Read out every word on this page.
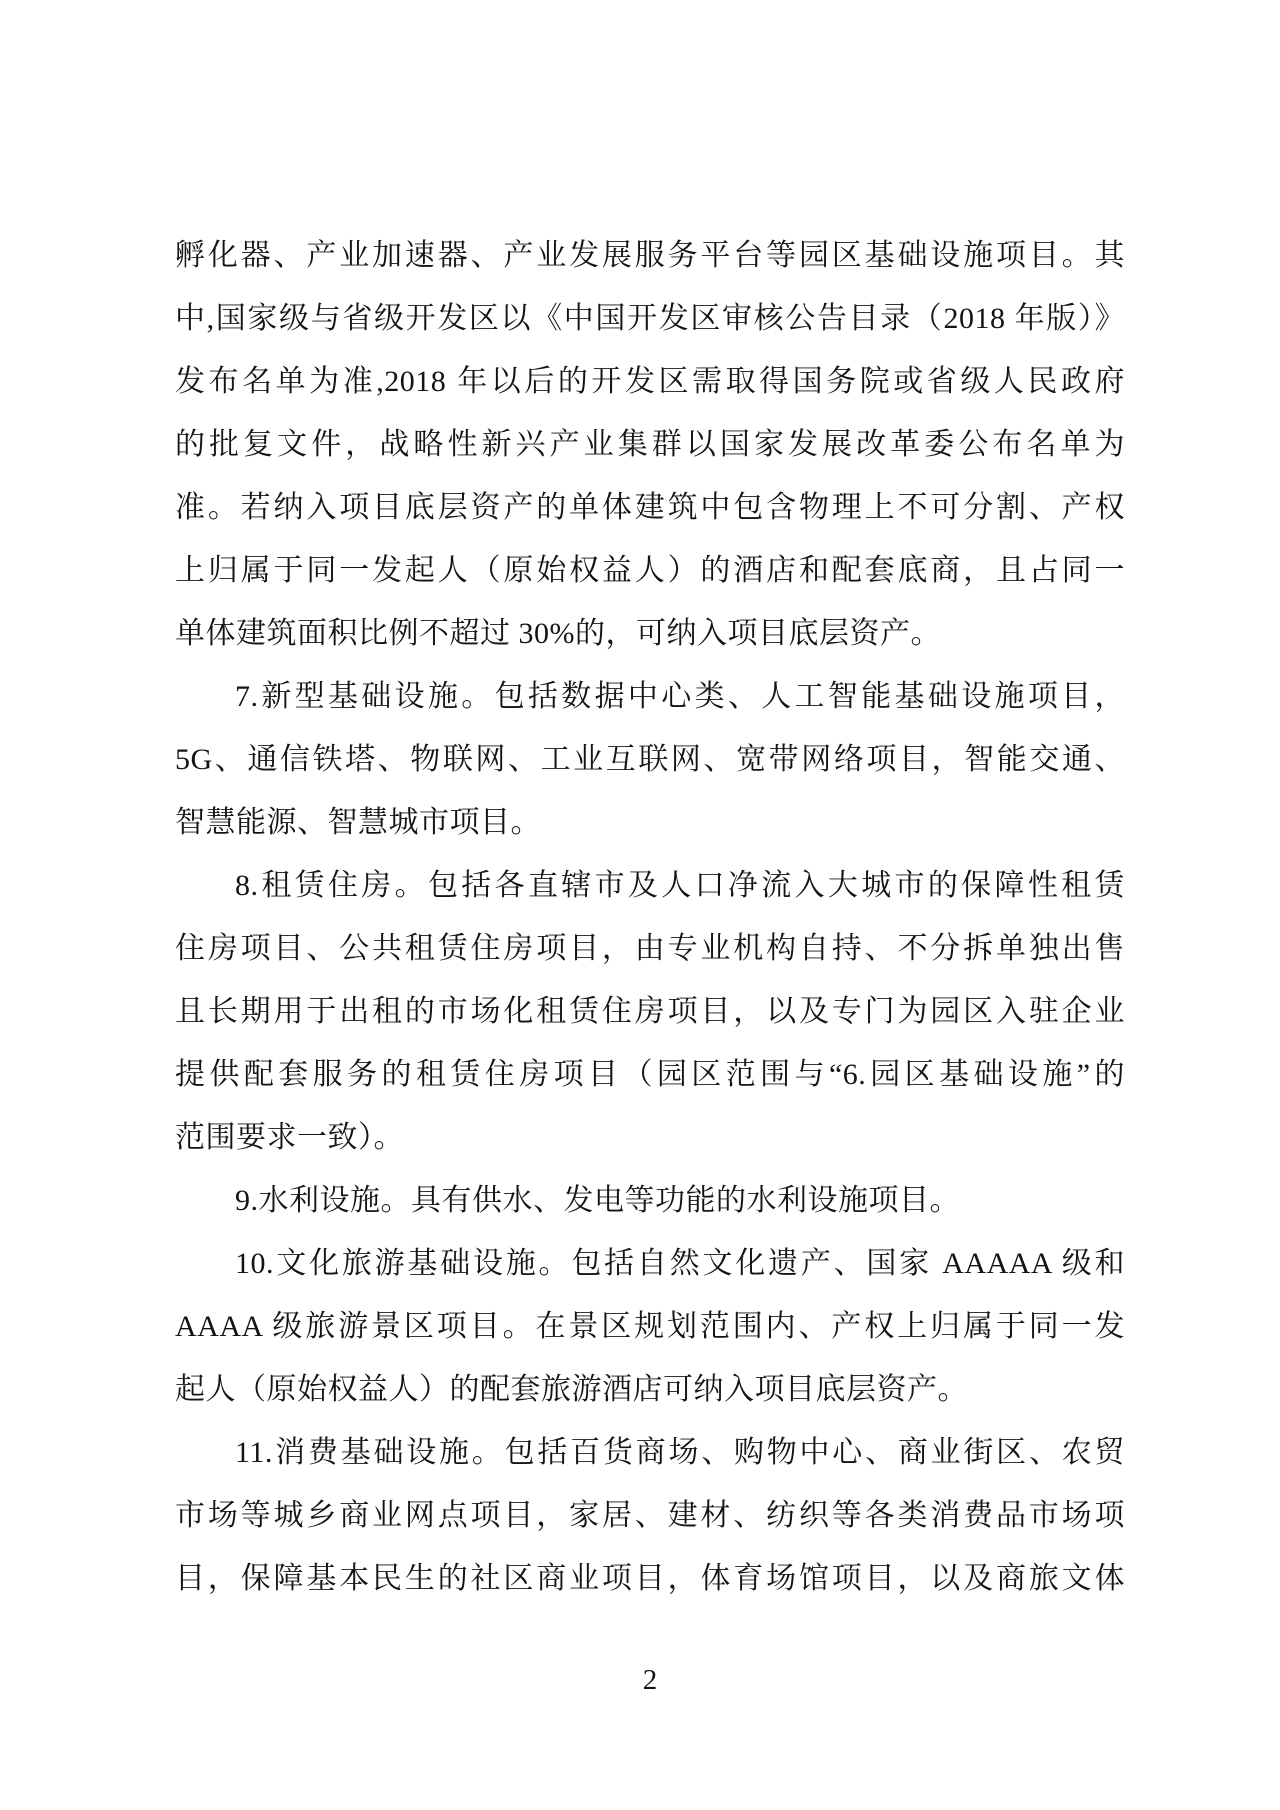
孵化器、产业加速器、产业发展服务平台等园区基础设施项目。其
中,国家级与省级开发区以《中国开发区审核公告目录（2018 年版）》
发布名单为准,2018 年以后的开发区需取得国务院或省级人民政府
的批复文件，战略性新兴产业集群以国家发展改革委公布名单为
准。若纳入项目底层资产的单体建筑中包含物理上不可分割、产权
上归属于同一发起人（原始权益人）的酒店和配套底商，且占同一
单体建筑面积比例不超过 30%的，可纳入项目底层资产。
7.新型基础设施。包括数据中心类、人工智能基础设施项目，
5G、通信铁塔、物联网、工业互联网、宽带网络项目，智能交通、
智慧能源、智慧城市项目。
8.租赁住房。包括各直辖市及人口净流入大城市的保障性租赁
住房项目、公共租赁住房项目，由专业机构自持、不分拆单独出售
且长期用于出租的市场化租赁住房项目，以及专门为园区入驻企业
提供配套服务的租赁住房项目（园区范围与“6.园区基础设施”的
范围要求一致）。
9.水利设施。具有供水、发电等功能的水利设施项目。
10.文化旅游基础设施。包括自然文化遗产、国家 AAAAA 级和
AAAA 级旅游景区项目。在景区规划范围内、产权上归属于同一发
起人（原始权益人）的配套旅游酒店可纳入项目底层资产。
11.消费基础设施。包括百货商场、购物中心、商业街区、农贸
市场等城乡商业网点项目，家居、建材、纺织等各类消费品市场项
目，保障基本民生的社区商业项目，体育场馆项目，以及商旅文体
2
